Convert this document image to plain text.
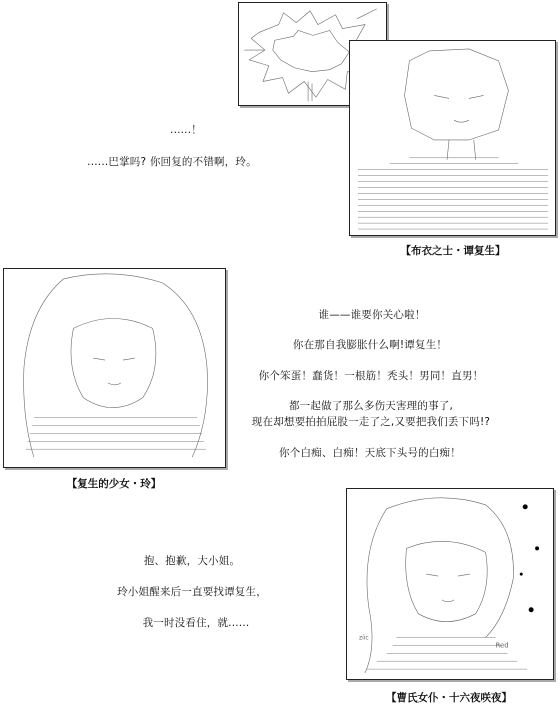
【布衣之士・谭复生】
......！
......巴掌吗? 你回复的不错啊，玲。
【复生的少女・玲】
谁——谁要你关心啦！
你在那自我膨胀什么啊!谭复生！
你个笨蛋！蠢货！一根筋！秃头！男同！直男！
都一起做了那么多伤天害理的事了,
现在却想要拍拍屁股一走了之,又要把我们丢下吗!?
你个白痴、白痴！天底下头号的白痴！
Red
ziic
【曹氏女仆・十六夜咲夜】
抱、抱歉，大小姐。
玲小姐醒来后一直要找谭复生，
我一时没看住，就......
